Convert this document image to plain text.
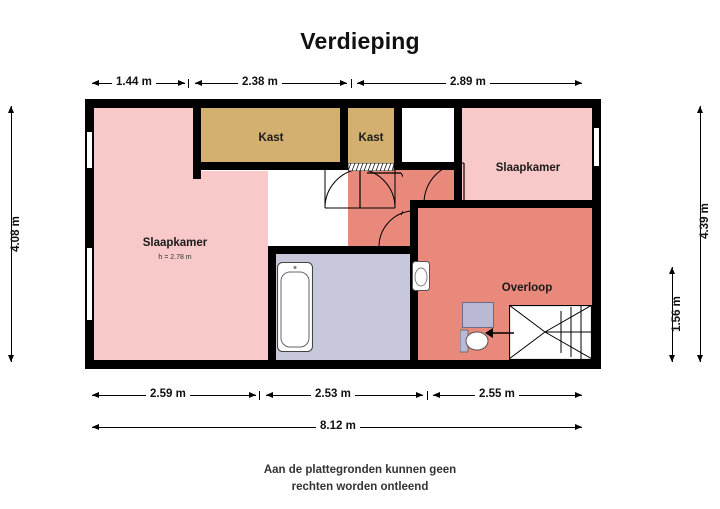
Verdieping
Slaapkamer
h = 2.78 m
Kast	Kast
Slaapkamer
Overloop
1.44 m	2.38 m	2.89 m
2.59 m	2.53 m	2.55 m
8.12 m
4.08 m	4.39 m
1.56 m
Aan de plattegronden kunnen geen
rechten worden ontleend
